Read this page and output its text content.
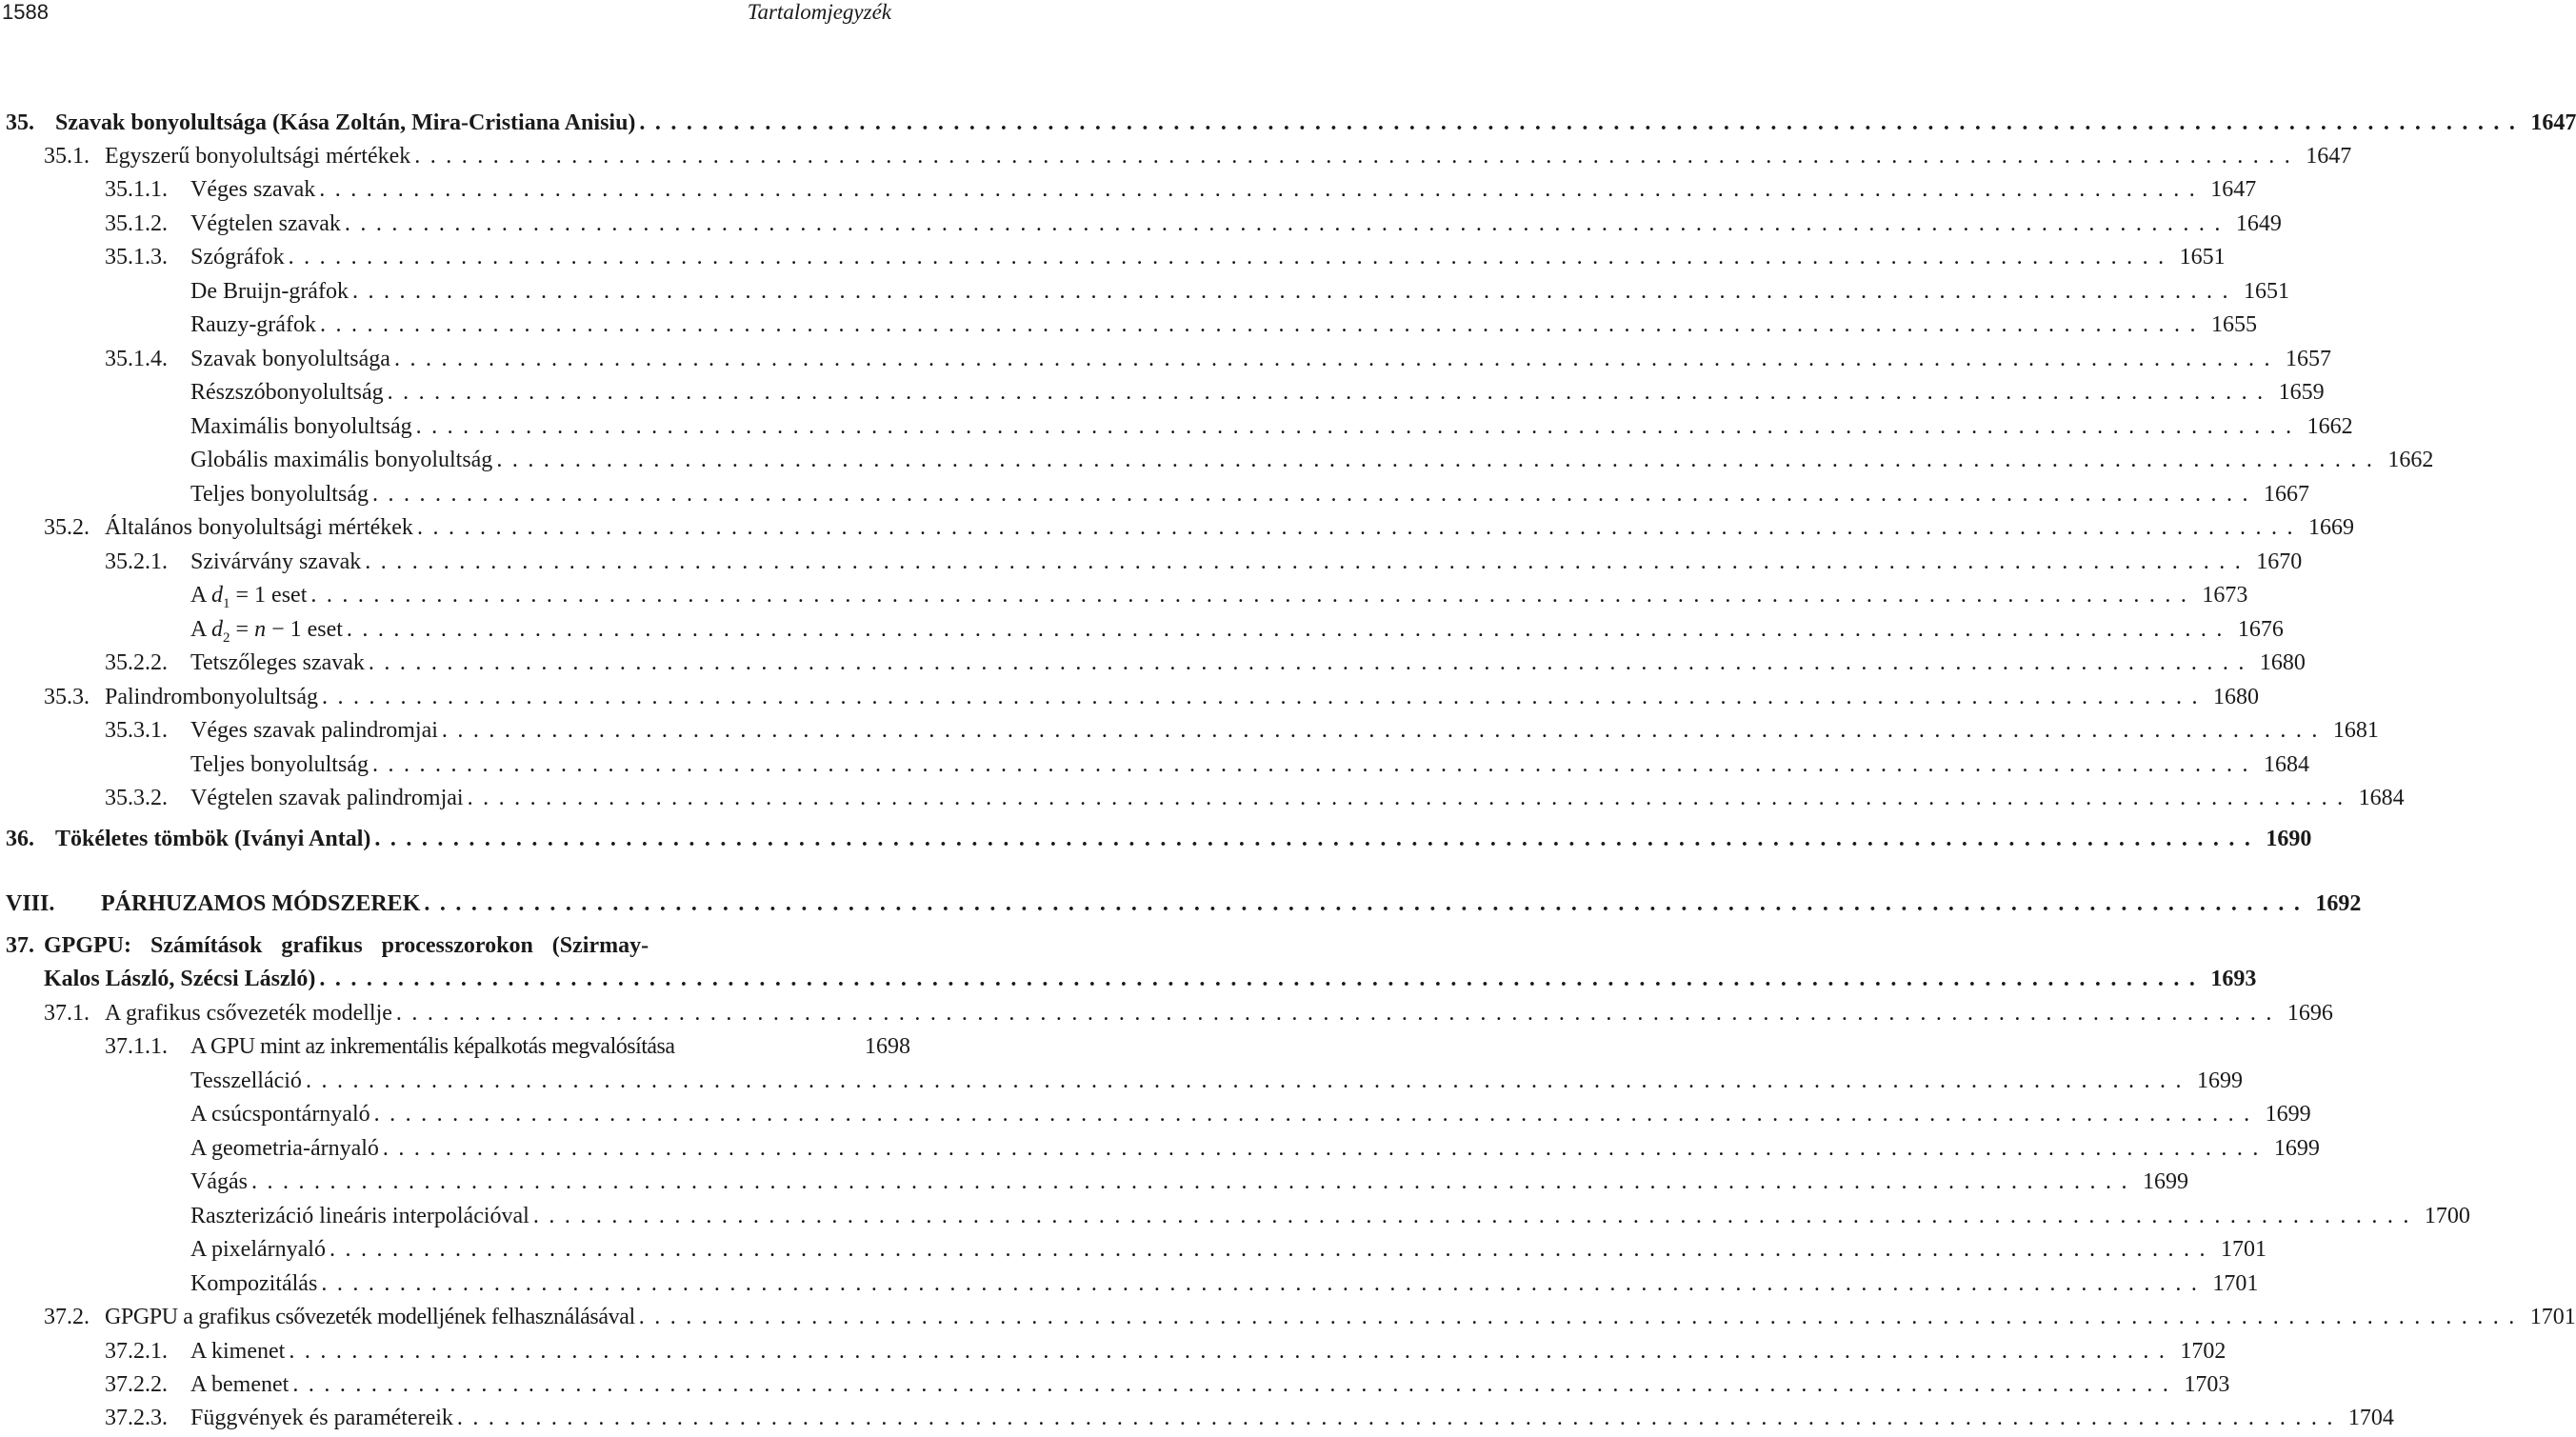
1588	Tartalomjegyzék
35. Szavak bonyolultsága (Kása Zoltán, Mira-Cristiana Anisiu) ........................................................................................................................ 1647
35.1. Egyszerű bonyolultsági mértékek ........................................................................................................................ 1647
35.1.1.	Véges szavak ........................................................................................................................ 1647
35.1.2.	Végtelen szavak ........................................................................................................................ 1649
35.1.3.	Szógráfok ........................................................................................................................ 1651
De Bruijn-gráfok ........................................................................................................................ 1651
Rauzy-gráfok ........................................................................................................................ 1655
35.1.4.	Szavak bonyolultsága ........................................................................................................................ 1657
Részszóbonyolultság ........................................................................................................................ 1659
Maximális bonyolultság ........................................................................................................................ 1662
Globális maximális bonyolultság ........................................................................................................................ 1662
Teljes bonyolultság ........................................................................................................................ 1667
35.2. Általános bonyolultsági mértékek ........................................................................................................................ 1669
35.2.1.	Szivárvány szavak ........................................................................................................................ 1670
A $d_1 = 1$ eset ........................................................................................................................ 1673
A $d_2 = n - 1$ eset ........................................................................................................................ 1676
35.2.2.	Tetszőleges szavak ........................................................................................................................ 1680
35.3. Palindrombonyolultság ........................................................................................................................ 1680
35.3.1.	Véges szavak palindromjai ........................................................................................................................ 1681
Teljes bonyolultság ........................................................................................................................ 1684
35.3.2.	Végtelen szavak palindromjai ........................................................................................................................ 1684
36. Tökéletes tömbök (Iványi Antal) ........................................................................................................................ 1690
VIII.	PÁRHUZAMOS MÓDSZEREK ........................................................................................................................ 1692
37. GPGPU: Számítások grafikus processzorokon (Szirmay-
Kalos László, Szécsi László) ........................................................................................................................ 1693
37.1. A grafikus csővezeték modellje ........................................................................................................................ 1696
37.1.1. A GPU mint az inkrementális képalkotás megvalósítása	1698
Tesszelláció ........................................................................................................................ 1699
A csúcspontárnyaló ........................................................................................................................ 1699
A geometria-árnyaló ........................................................................................................................ 1699
Vágás ........................................................................................................................ 1699
Raszterizáció lineáris interpolációval ........................................................................................................................ 1700
A pixelárnyaló ........................................................................................................................ 1701
Kompozitálás ........................................................................................................................ 1701
37.2. GPGPU a grafikus csővezeték modelljének felhasználásával ........................................................................................................................ 1701
37.2.1.	A kimenet ........................................................................................................................ 1702
37.2.2.	A bemenet ........................................................................................................................ 1703
37.2.3.	Függvények és paramétereik ........................................................................................................................ 1704
